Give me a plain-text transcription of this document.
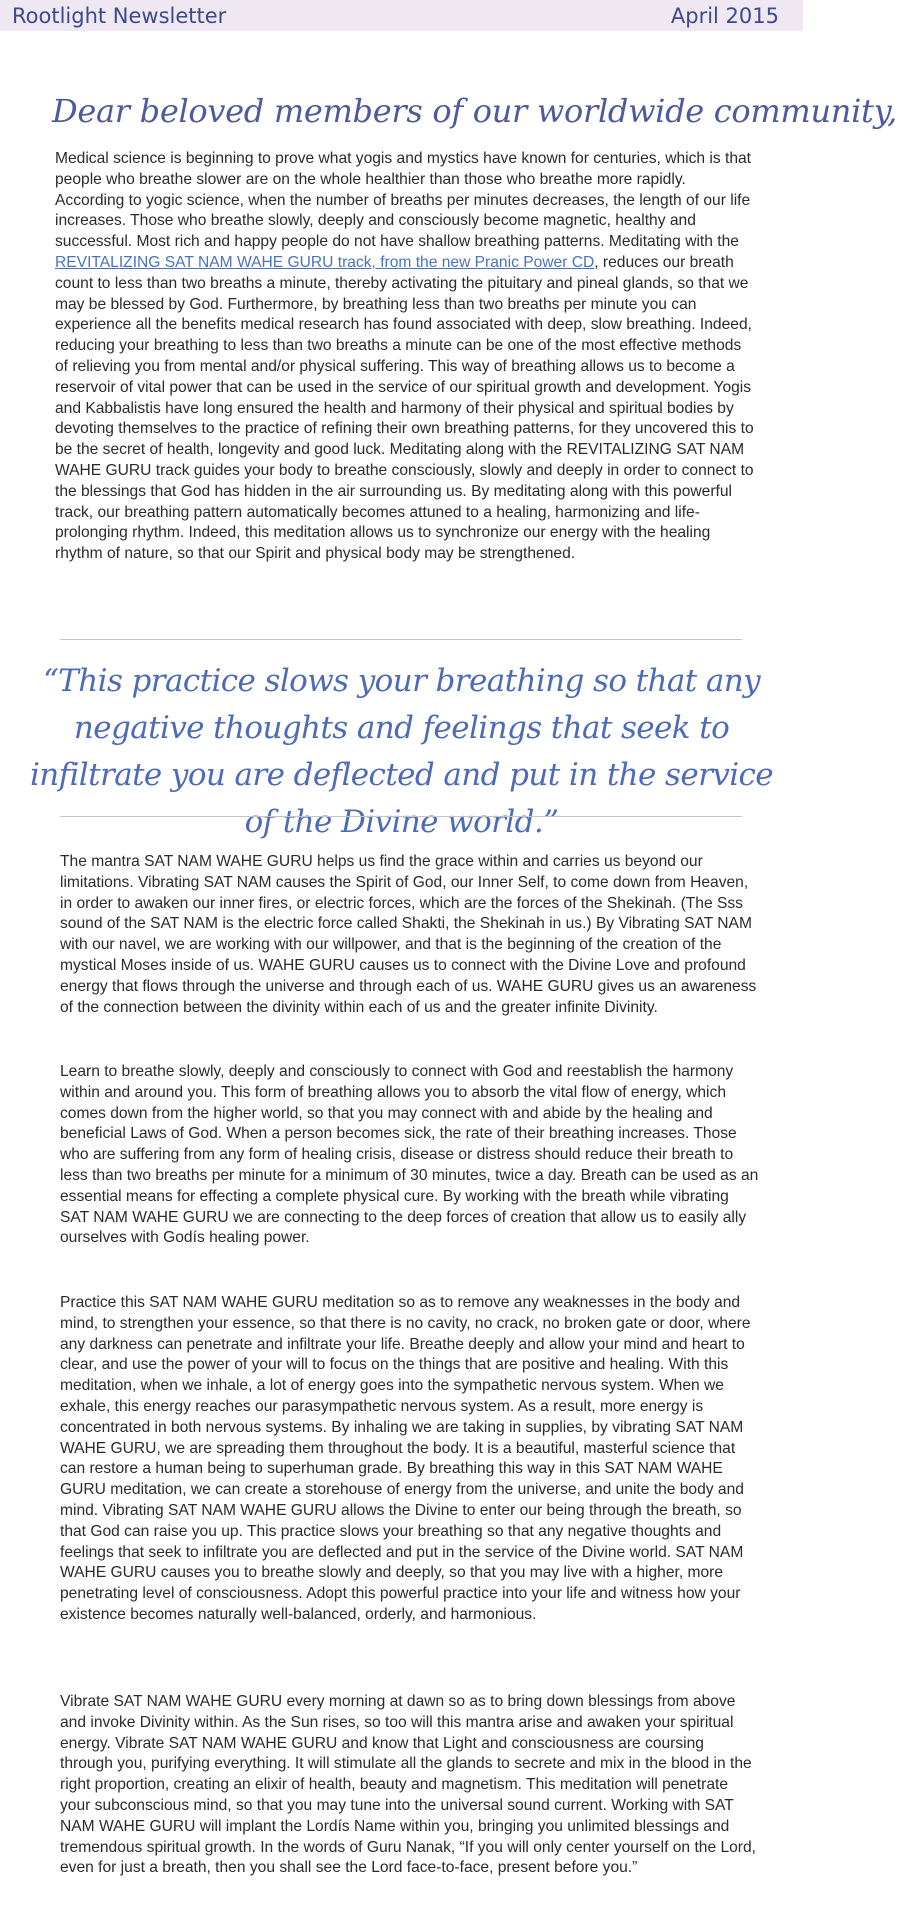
Rootlight Newsletter	April 2015
Dear beloved members of our worldwide community,

Medical science is beginning to prove what yogis and mystics have known for centuries, which is that people who breathe slower are on the whole healthier than those who breathe more rapidly. According to yogic science, when the number of breaths per minutes decreases, the length of our life increases. Those who breathe slowly, deeply and consciously become magnetic, healthy and successful. Most rich and happy people do not have shallow breathing patterns. Meditating with the REVITALIZING SAT NAM WAHE GURU track, from the new Pranic Power CD, reduces our breath count to less than two breaths a minute, thereby activating the pituitary and pineal glands, so that we may be blessed by God. Furthermore, by breathing less than two breaths per minute you can experience all the benefits medical research has found associated with deep, slow breathing. Indeed, reducing your breathing to less than two breaths a minute can be one of the most effective methods of relieving you from mental and/or physical suffering. This way of breathing allows us to become a reservoir of vital power that can be used in the service of our spiritual growth and development. Yogis and Kabbalistis have long ensured the health and harmony of their physical and spiritual bodies by devoting themselves to the practice of refining their own breathing patterns, for they uncovered this to be the secret of health, longevity and good luck. Meditating along with the REVITALIZING SAT NAM WAHE GURU track guides your body to breathe consciously, slowly and deeply in order to connect to the blessings that God has hidden in the air surrounding us. By meditating along with this powerful track, our breathing pattern automatically becomes attuned to a healing, harmonizing and life-prolonging rhythm. Indeed, this meditation allows us to synchronize our energy with the healing rhythm of nature, so that our Spirit and physical body may be strengthened.

“This practice slows your breathing so that any negative thoughts and feelings that seek to infiltrate you are deflected and put in the service of the Divine world.”

The mantra SAT NAM WAHE GURU helps us find the grace within and carries us beyond our limitations. Vibrating SAT NAM causes the Spirit of God, our Inner Self, to come down from Heaven, in order to awaken our inner fires, or electric forces, which are the forces of the Shekinah. (The Sss sound of the SAT NAM is the electric force called Shakti, the Shekinah in us.) By Vibrating SAT NAM with our navel, we are working with our willpower, and that is the beginning of the creation of the mystical Moses inside of us. WAHE GURU causes us to connect with the Divine Love and profound energy that flows through the universe and through each of us. WAHE GURU gives us an awareness of the connection between the divinity within each of us and the greater infinite Divinity.

Learn to breathe slowly, deeply and consciously to connect with God and reestablish the harmony within and around you. This form of breathing allows you to absorb the vital flow of energy, which comes down from the higher world, so that you may connect with and abide by the healing and beneficial Laws of God. When a person becomes sick, the rate of their breathing increases. Those who are suffering from any form of healing crisis, disease or distress should reduce their breath to less than two breaths per minute for a minimum of 30 minutes, twice a day. Breath can be used as an essential means for effecting a complete physical cure. By working with the breath while vibrating SAT NAM WAHE GURU we are connecting to the deep forces of creation that allow us to easily ally ourselves with Godís healing power.

Practice this SAT NAM WAHE GURU meditation so as to remove any weaknesses in the body and mind, to strengthen your essence, so that there is no cavity, no crack, no broken gate or door, where any darkness can penetrate and infiltrate your life. Breathe deeply and allow your mind and heart to clear, and use the power of your will to focus on the things that are positive and healing. With this meditation, when we inhale, a lot of energy goes into the sympathetic nervous system. When we exhale, this energy reaches our parasympathetic nervous system. As a result, more energy is concentrated in both nervous systems. By inhaling we are taking in supplies, by vibrating SAT NAM WAHE GURU, we are spreading them throughout the body. It is a beautiful, masterful science that can restore a human being to superhuman grade. By breathing this way in this SAT NAM WAHE GURU meditation, we can create a storehouse of energy from the universe, and unite the body and mind. Vibrating SAT NAM WAHE GURU allows the Divine to enter our being through the breath, so that God can raise you up. This practice slows your breathing so that any negative thoughts and feelings that seek to infiltrate you are deflected and put in the service of the Divine world. SAT NAM WAHE GURU causes you to breathe slowly and deeply, so that you may live with a higher, more penetrating level of consciousness. Adopt this powerful practice into your life and witness how your existence becomes naturally well-balanced, orderly, and harmonious.

Vibrate SAT NAM WAHE GURU every morning at dawn so as to bring down blessings from above and invoke Divinity within. As the Sun rises, so too will this mantra arise and awaken your spiritual energy. Vibrate SAT NAM WAHE GURU and know that Light and consciousness are coursing through you, purifying everything. It will stimulate all the glands to secrete and mix in the blood in the right proportion, creating an elixir of health, beauty and magnetism. This meditation will penetrate your subconscious mind, so that you may tune into the universal sound current. Working with SAT NAM WAHE GURU will implant the Lordís Name within you, bringing you unlimited blessings and tremendous spiritual growth. In the words of Guru Nanak, “If you will only center yourself on the Lord, even for just a breath, then you shall see the Lord face-to-face, present before you.”
